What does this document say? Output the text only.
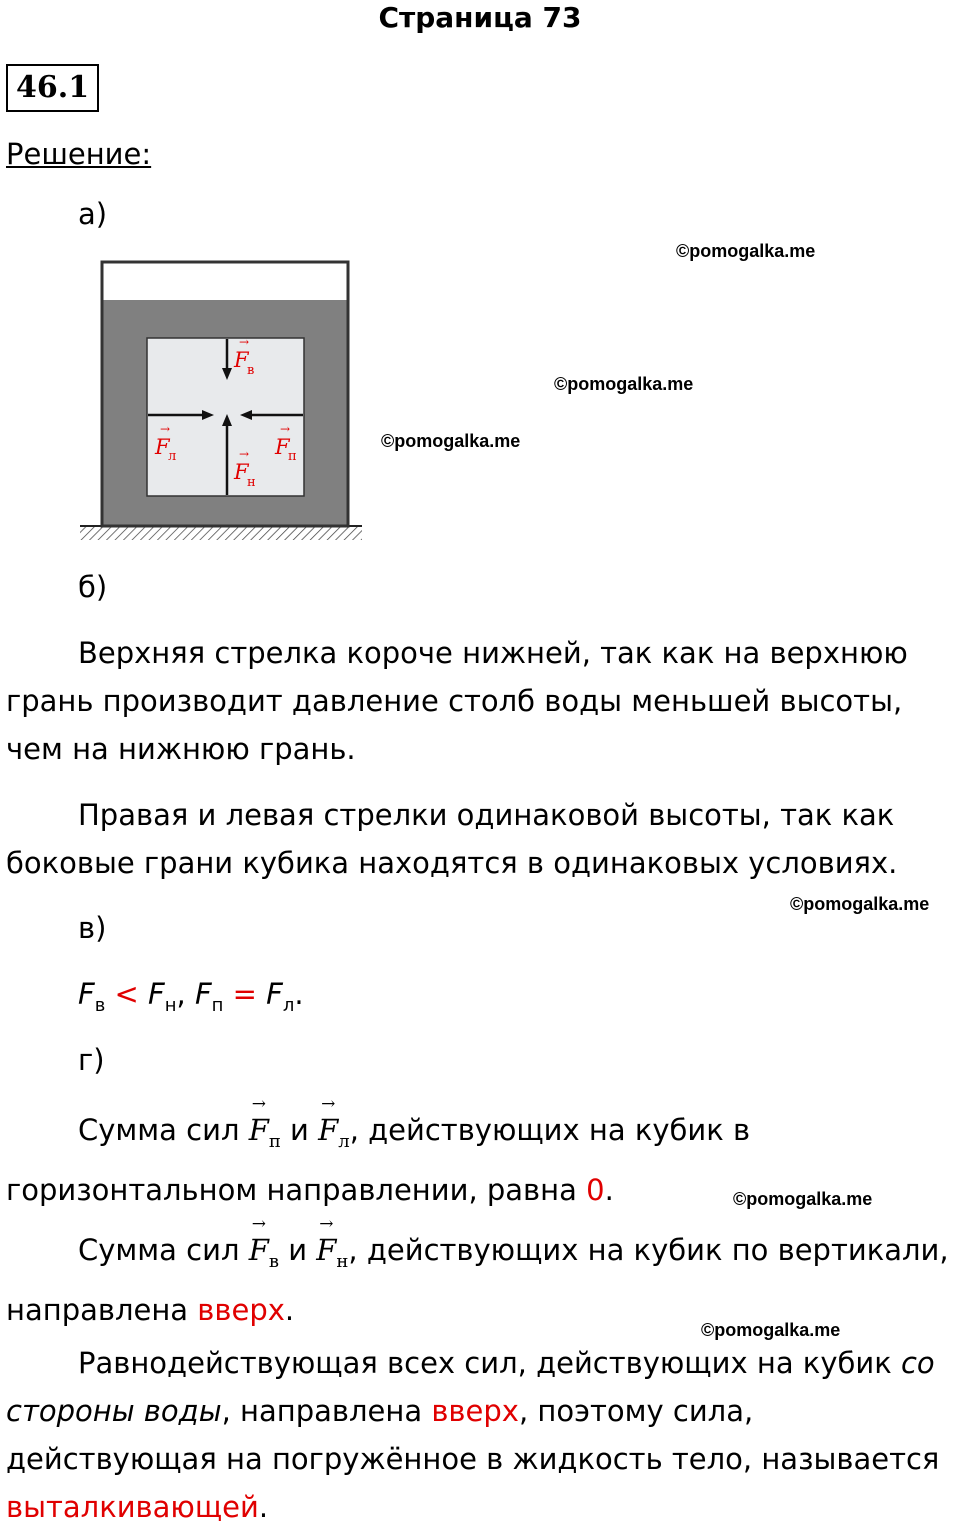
Страница 73
46.1
Решение:
а)
→
F
в
→
F
л
→
F
п
→
F
н
©pomogalka.me
©pomogalka.me
©pomogalka.me
©pomogalka.me
©pomogalka.me
©pomogalka.me
б)
Верхняя стрелка короче нижней, так как на верхнюю грань производит давление столб воды меньшей высоты, чем на нижнюю грань.
Правая и левая стрелки одинаковой высоты, так как боковые грани кубика находятся в одинаковых условиях.
в)
$F_в < F_н$, $F_п = F_л$.
г)
Сумма сил
→
$F_п$ и
→
$F_л$, действующих на кубик в горизонтальном направлении, равна 0.
Сумма сил
→
$F_в$ и
→
$F_н$, действующих на кубик по вертикали, направлена вверх.
Равнодействующая всех сил, действующих на кубик со стороны воды, направлена вверх, поэтому сила, действующая на погружённое в жидкость тело, называется выталкивающей.
